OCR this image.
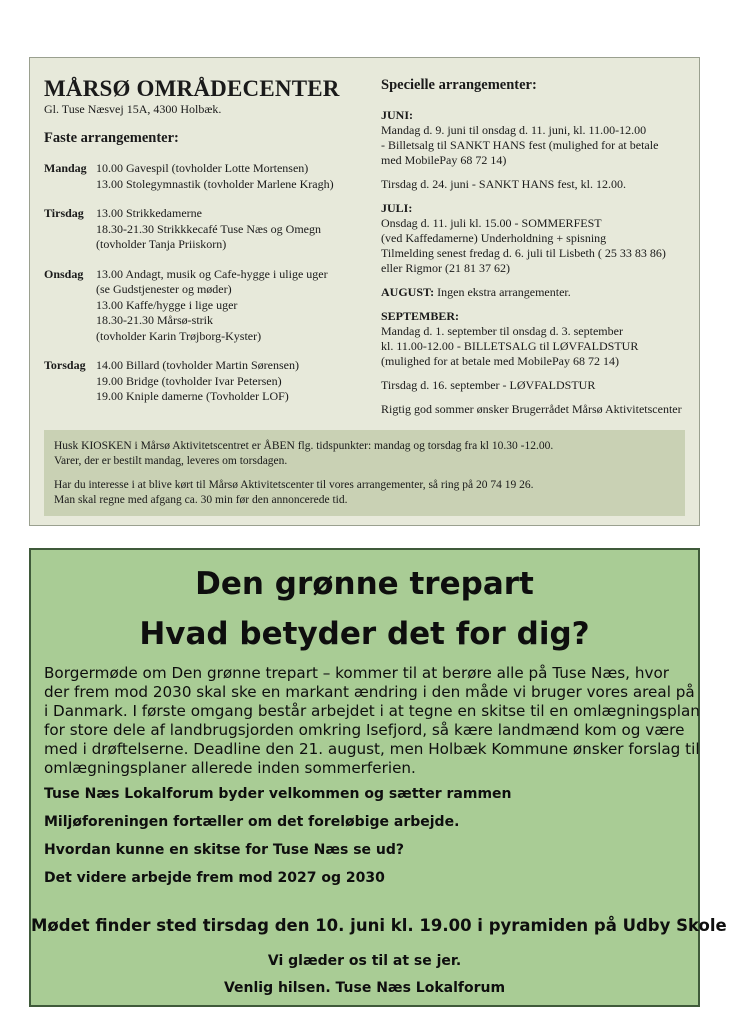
MÅRSØ OMRÅDECENTER

Gl. Tuse Næsvej 15A, 4300 Holbæk.

Faste arrangementer:

Mandag 10.00 Gavespil (tovholder Lotte Mortensen)
13.00 Stolegymnastik (tovholder Marlene Kragh)
Tirsdag	13.00 Strikkedamerne
18.30-21.30 Strikkkecafé Tuse Næs og Omegn
(tovholder Tanja Priiskorn)
Onsdag	13.00 Andagt, musik og Cafe-hygge i ulige uger
(se Gudstjenester og møder)
13.00 Kaffe/hygge i lige uger
18.30-21.30 Mårsø-strik
(tovholder Karin Trøjborg-Kyster)
Torsdag 14.00 Billard (tovholder Martin Sørensen)
19.00 Bridge (tovholder Ivar Petersen)
19.00 Kniple damerne (Tovholder LOF)

Specielle arrangementer:

JUNI:
Mandag d. 9. juni til onsdag d. 11. juni, kl. 11.00-12.00
- Billetsalg til SANKT HANS fest (mulighed for at betale
med MobilePay 68 72 14)
Tirsdag d. 24. juni - SANKT HANS fest, kl. 12.00.
JULI:
Onsdag d. 11. juli kl. 15.00 - SOMMERFEST
(ved Kaffedamerne) Underholdning + spisning
Tilmelding senest fredag d. 6. juli til Lisbeth ( 25 33 83 86)
eller Rigmor (21 81 37 62)
AUGUST: Ingen ekstra arrangementer.
SEPTEMBER:
Mandag d. 1. september til onsdag d. 3. september
kl. 11.00-12.00 - BILLETSALG til LØVFALDSTUR
(mulighed for at betale med MobilePay 68 72 14)
Tirsdag d. 16. september - LØVFALDSTUR
Rigtig god sommer ønsker Brugerrådet Mårsø Aktivitetscenter

Husk KIOSKEN i Mårsø Aktivitetscentret er ÅBEN flg. tidspunkter: mandag og torsdag fra kl 10.30 -12.00.

Varer, der er bestilt mandag, leveres om torsdagen.

Har du interesse i at blive kørt til Mårsø Aktivitetscenter til vores arrangementer, så ring på 20 74 19 26.

Man skal regne med afgang ca. 30 min før den annoncerede tid.

Den grønne trepart
Hvad betyder det for dig?
Borgermøde om Den grønne trepart – kommer til at berøre alle på Tuse Næs, hvor
der frem mod 2030 skal ske en markant ændring i den måde vi bruger vores areal på
i Danmark. I første omgang består arbejdet i at tegne en skitse til en omlægningsplan
for store dele af landbrugsjorden omkring Isefjord, så kære landmænd kom og være
med i drøftelserne. Deadline den 21. august, men Holbæk Kommune ønsker forslag til
omlægningsplaner allerede inden sommerferien.
Tuse Næs Lokalforum byder velkommen og sætter rammen
Miljøforeningen fortæller om det foreløbige arbejde.
Hvordan kunne en skitse for Tuse Næs se ud?
Det videre arbejde frem mod 2027 og 2030
Mødet finder sted tirsdag den 10. juni kl. 19.00 i pyramiden på Udby Skole
Vi glæder os til at se jer.
Venlig hilsen. Tuse Næs Lokalforum
